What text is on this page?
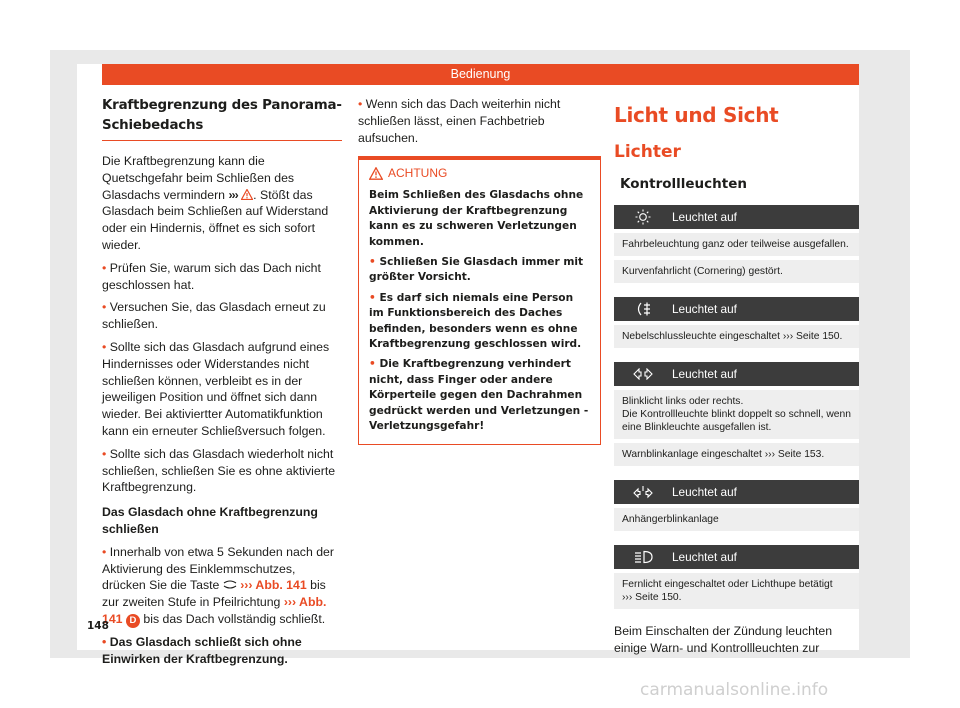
Bedienung
Kraftbegrenzung des Panorama-Schiebedachs

Die Kraftbegrenzung kann die Quetschgefahr beim Schließen des Glasdachs vermindern ››› . Stößt das Glasdach beim Schließen auf Widerstand oder ein Hindernis, öffnet es sich sofort wieder.

• Prüfen Sie, warum sich das Dach nicht geschlossen hat.

• Versuchen Sie, das Glasdach erneut zu schließen.

• Sollte sich das Glasdach aufgrund eines Hindernisses oder Widerstandes nicht schließen können, verbleibt es in der jeweiligen Position und öffnet sich dann wieder. Bei aktiviertter Automatikfunktion kann ein erneuter Schließversuch folgen.

• Sollte sich das Glasdach wiederholt nicht schließen, schließen Sie es ohne aktivierte Kraftbegrenzung.

Das Glasdach ohne Kraftbegrenzung schließen

• Innerhalb von etwa 5 Sekunden nach der Aktivierung des Einklemmschutzes, drücken Sie die Taste  ››› Abb. 141 bis zur zweiten Stufe in Pfeilrichtung ››› Abb. 141 D bis das Dach vollständig schließt.

• Das Glasdach schließt sich ohne Einwirken der Kraftbegrenzung.

• Wenn sich das Dach weiterhin nicht schließen lässt, einen Fachbetrieb aufsuchen.

ACHTUNG

Beim Schließen des Glasdachs ohne Aktivierung der Kraftbegrenzung kann es zu schweren Verletzungen kommen.

• Schließen Sie Glasdach immer mit größter Vorsicht.

• Es darf sich niemals eine Person im Funktionsbereich des Daches befinden, besonders wenn es ohne Kraftbegrenzung geschlossen wird.

• Die Kraftbegrenzung verhindert nicht, dass Finger oder andere Körperteile gegen den Dachrahmen gedrückt werden und Verletzungen - Verletzungsgefahr!

Licht und Sicht
Lichter
Kontrollleuchten
Leuchtet auf
Fahrbeleuchtung ganz oder teilweise ausgefallen.
Kurvenfahrlicht (Cornering) gestört.
Leuchtet auf
Nebelschlussleuchte eingeschaltet ››› Seite 150.
Leuchtet auf
Blinklicht links oder rechts.
Die Kontrollleuchte blinkt doppelt so schnell, wenn eine Blinkleuchte ausgefallen ist.
Warnblinkanlage eingeschaltet ››› Seite 153.
Leuchtet auf
Anhängerblinkanlage
Leuchtet auf
Fernlicht eingeschaltet oder Lichthupe betätigt
››› Seite 150.

Beim Einschalten der Zündung leuchten einige Warn- und Kontrollleuchten zur

148
carmanualsonline.info
